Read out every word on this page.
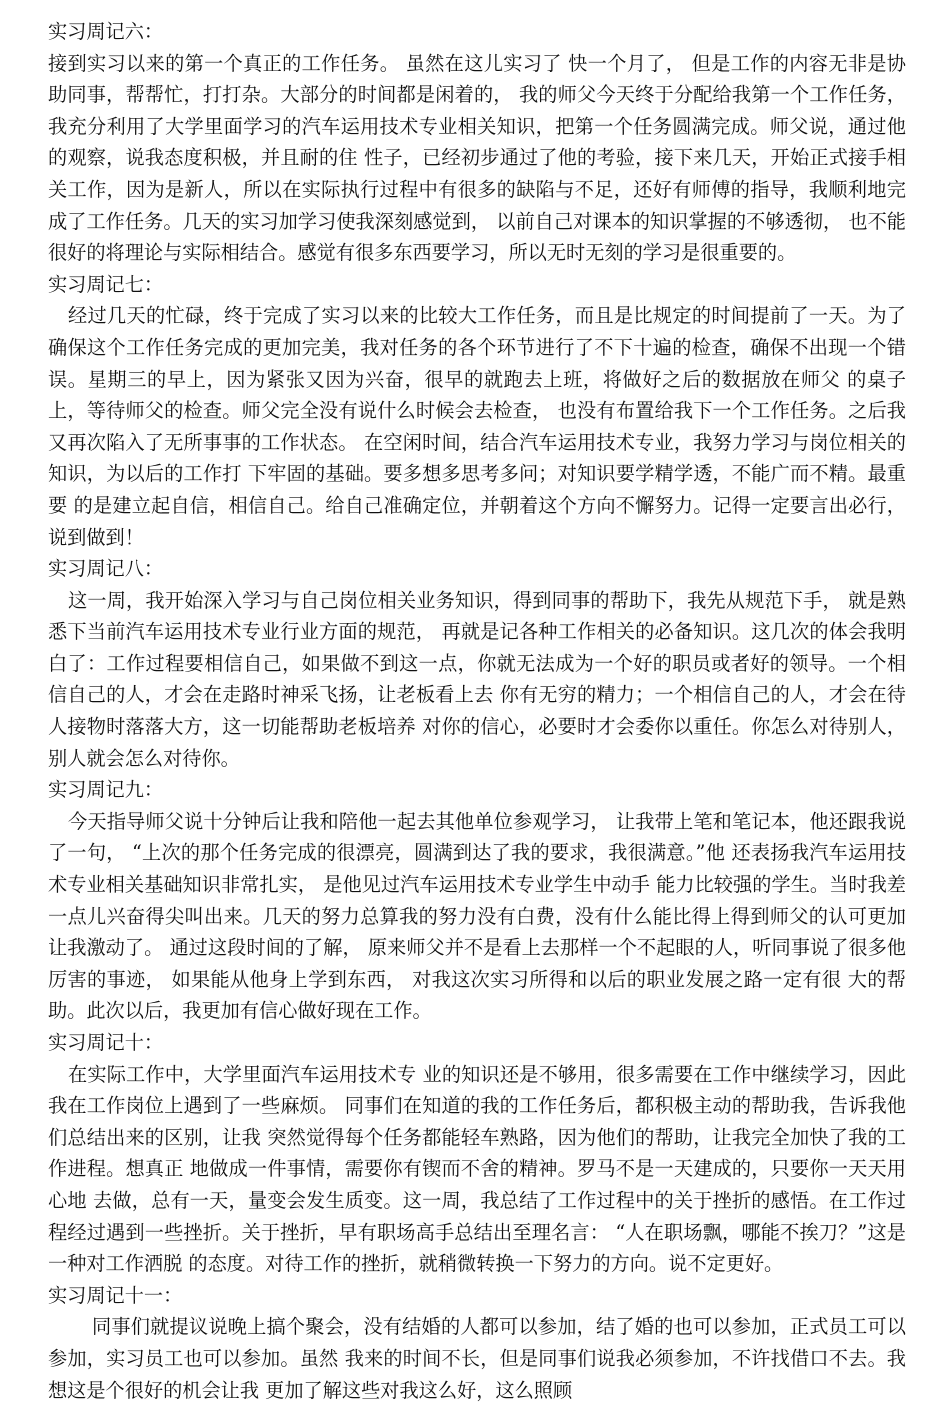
实习周记六：

接到实习以来的第一个真正的工作任务。 虽然在这儿实习了 快一个月了， 但是工作的内容无非是协助同事，帮帮忙，打打杂。大部分的时间都是闲着的， 我的师父今天终于分配给我第一个工作任务， 我充分利用了大学里面学习的汽车运用技术专业相关知识，把第一个任务圆满完成。师父说，通过他的观察，说我态度积极，并且耐的住 性子，已经初步通过了他的考验，接下来几天，开始正式接手相关工作，因为是新人，所以在实际执行过程中有很多的缺陷与不足，还好有师傅的指导，我顺利地完成了工作任务。几天的实习加学习使我深刻感觉到， 以前自己对课本的知识掌握的不够透彻， 也不能很好的将理论与实际相结合。感觉有很多东西要学习，所以无时无刻的学习是很重要的。

实习周记七：

经过几天的忙碌，终于完成了实习以来的比较大工作任务，而且是比规定的时间提前了一天。为了确保这个工作任务完成的更加完美，我对任务的各个环节进行了不下十遍的检查，确保不出现一个错误。星期三的早上，因为紧张又因为兴奋，很早的就跑去上班，将做好之后的数据放在师父 的桌子上，等待师父的检查。师父完全没有说什么时候会去检查， 也没有布置给我下一个工作任务。之后我又再次陷入了无所事事的工作状态。 在空闲时间，结合汽车运用技术专业，我努力学习与岗位相关的知识，为以后的工作打 下牢固的基础。要多想多思考多问；对知识要学精学透，不能广而不精。最重要 的是建立起自信，相信自己。给自己准确定位，并朝着这个方向不懈努力。记得一定要言出必行，说到做到！

实习周记八：

这一周，我开始深入学习与自己岗位相关业务知识，得到同事的帮助下，我先从规范下手， 就是熟悉下当前汽车运用技术专业行业方面的规范， 再就是记各种工作相关的必备知识。这几次的体会我明白了：工作过程要相信自己，如果做不到这一点，你就无法成为一个好的职员或者好的领导。一个相信自己的人，才会在走路时神采飞扬，让老板看上去 你有无穷的精力；一个相信自己的人，才会在待人接物时落落大方，这一切能帮助老板培养 对你的信心，必要时才会委你以重任。你怎么对待别人，别人就会怎么对待你。

实习周记九：

今天指导师父说十分钟后让我和陪他一起去其他单位参观学习， 让我带上笔和笔记本，他还跟我说了一句， “上次的那个任务完成的很漂亮，圆满到达了我的要求，我很满意。”他 还表扬我汽车运用技术专业相关基础知识非常扎实， 是他见过汽车运用技术专业学生中动手 能力比较强的学生。当时我差一点儿兴奋得尖叫出来。几天的努力总算我的努力没有白费，没有什么能比得上得到师父的认可更加让我激动了。 通过这段时间的了解， 原来师父并不是看上去那样一个不起眼的人，听同事说了很多他厉害的事迹， 如果能从他身上学到东西， 对我这次实习所得和以后的职业发展之路一定有很 大的帮助。此次以后，我更加有信心做好现在工作。

实习周记十：

在实际工作中，大学里面汽车运用技术专 业的知识还是不够用，很多需要在工作中继续学习，因此我在工作岗位上遇到了一些麻烦。 同事们在知道的我的工作任务后，都积极主动的帮助我，告诉我他们总结出来的区别，让我 突然觉得每个任务都能轻车熟路，因为他们的帮助，让我完全加快了我的工作进程。想真正 地做成一件事情，需要你有锲而不舍的精神。罗马不是一天建成的，只要你一天天用心地 去做，总有一天，量变会发生质变。这一周，我总结了工作过程中的关于挫折的感悟。在工作过程经过遇到一些挫折。关于挫折，早有职场高手总结出至理名言： “人在职场飘，哪能不挨刀？”这是一种对工作洒脱 的态度。对待工作的挫折，就稍微转换一下努力的方向。说不定更好。

实习周记十一：

同事们就提议说晚上搞个聚会，没有结婚的人都可以参加，结了婚的也可以参加，正式员工可以参加，实习员工也可以参加。虽然 我来的时间不长，但是同事们说我必须参加，不许找借口不去。我想这是个很好的机会让我 更加了解这些对我这么好，这么照顾
